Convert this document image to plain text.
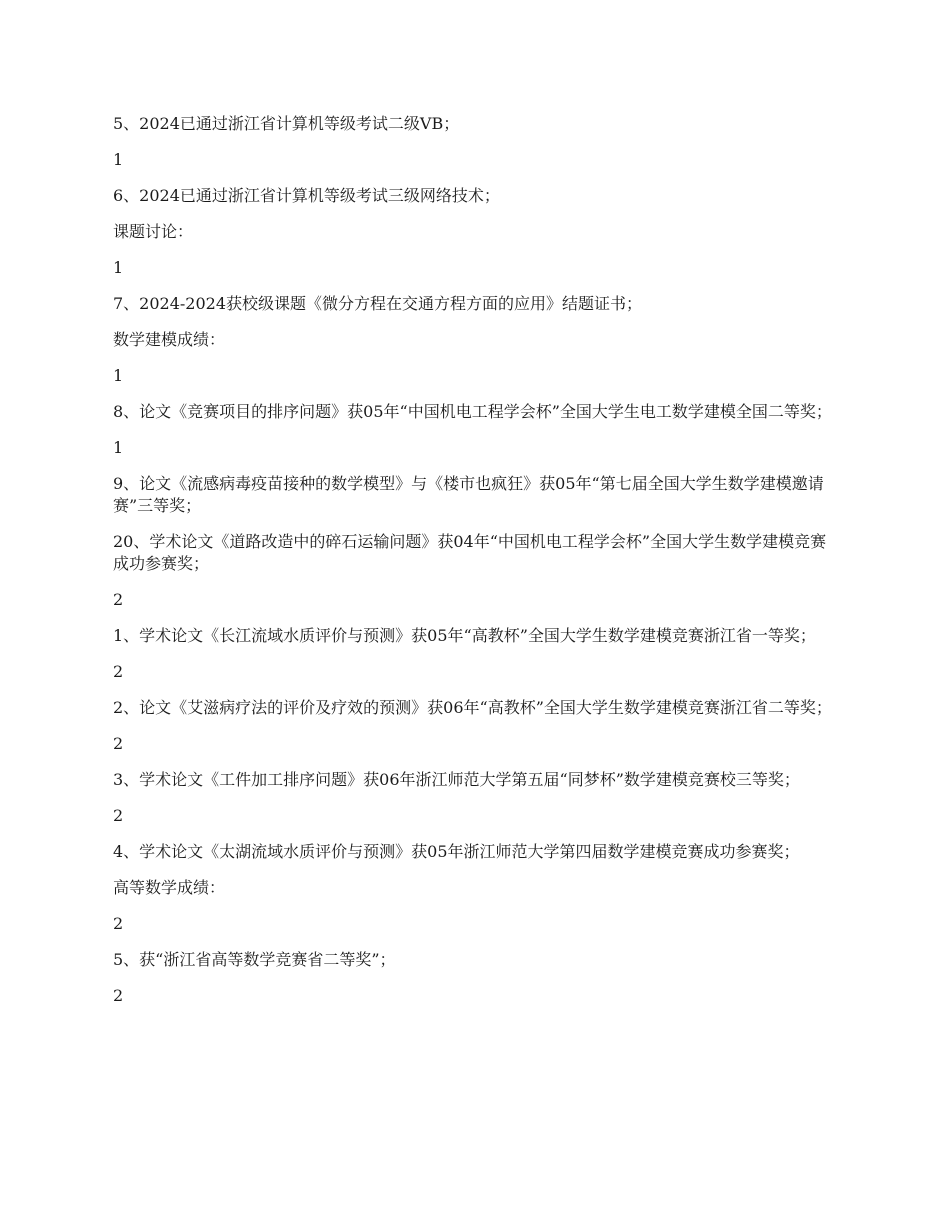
5、2024已通过浙江省计算机等级考试二级VB；

1

6、2024已通过浙江省计算机等级考试三级网络技术；

课题讨论：

1

7、2024-2024获校级课题《微分方程在交通方程方面的应用》结题证书；

数学建模成绩：

1

8、论文《竞赛项目的排序问题》获05年“中国机电工程学会杯”全国大学生电工数学建模全国二等奖；

1

9、论文《流感病毒疫苗接种的数学模型》与《楼市也疯狂》获05年“第七届全国大学生数学建模邀请赛”三等奖；

20、学术论文《道路改造中的碎石运输问题》获04年“中国机电工程学会杯”全国大学生数学建模竞赛成功参赛奖；

2

1、学术论文《长江流域水质评价与预测》获05年“高教杯”全国大学生数学建模竞赛浙江省一等奖；

2

2、论文《艾滋病疗法的评价及疗效的预测》获06年“高教杯”全国大学生数学建模竞赛浙江省二等奖；

2

3、学术论文《工件加工排序问题》获06年浙江师范大学第五届“同梦杯”数学建模竞赛校三等奖；

2

4、学术论文《太湖流域水质评价与预测》获05年浙江师范大学第四届数学建模竞赛成功参赛奖；

高等数学成绩：

2

5、获“浙江省高等数学竞赛省二等奖”；

2
